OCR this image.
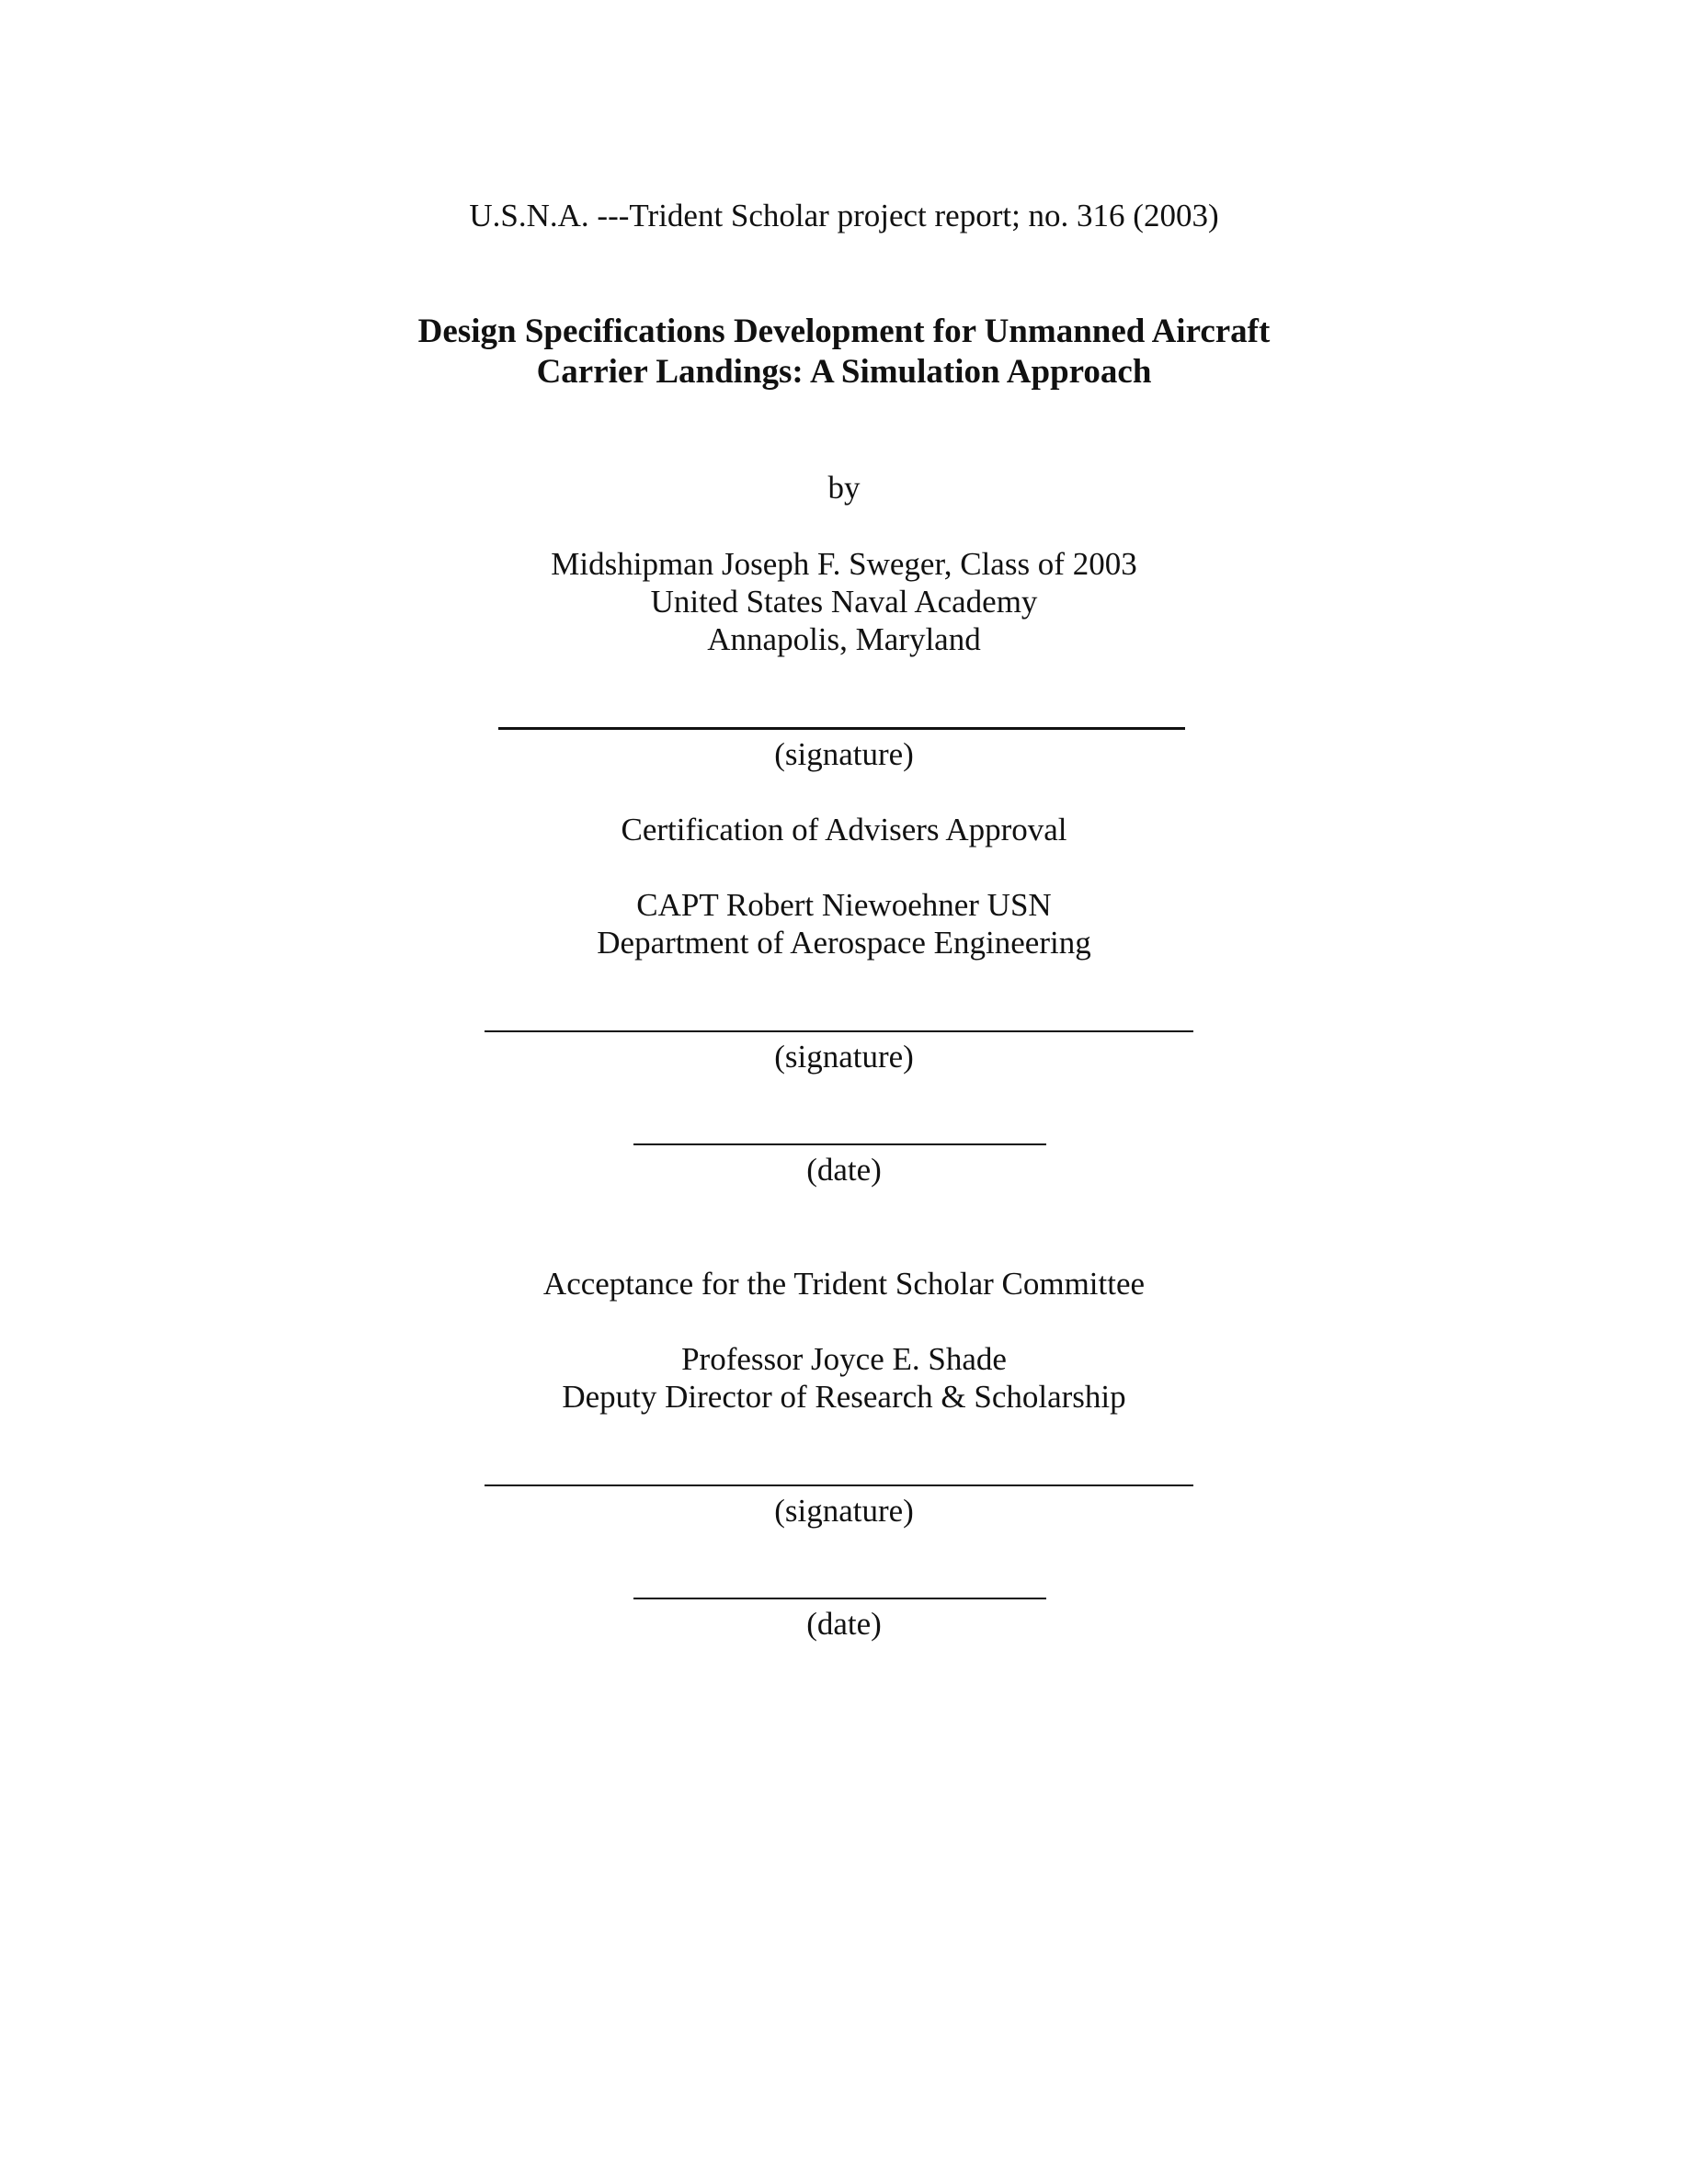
U.S.N.A. ---Trident Scholar project report; no. 316 (2003)
Design Specifications Development for Unmanned Aircraft
Carrier Landings: A Simulation Approach
by
Midshipman Joseph F. Sweger, Class of 2003
United States Naval Academy
Annapolis, Maryland
(signature)
Certification of Advisers Approval
CAPT Robert Niewoehner USN
Department of Aerospace Engineering
(signature)
(date)
Acceptance for the Trident Scholar Committee
Professor Joyce E. Shade
Deputy Director of Research & Scholarship
(signature)
(date)
